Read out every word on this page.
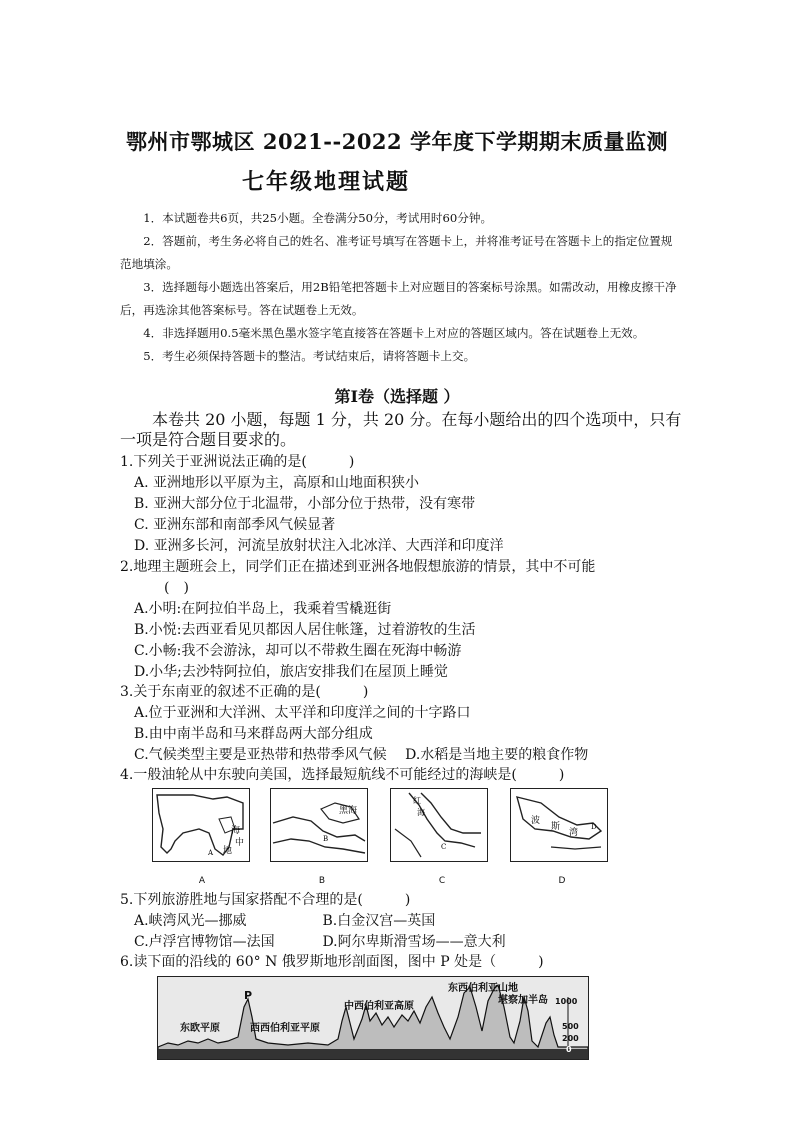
鄂州市鄂城区 2021--2022 学年度下学期期末质量监测
七年级地理试题

1．本试题卷共6页，共25小题。全卷满分50分，考试用时60分钟。

2．答题前，考生务必将自己的姓名、准考证号填写在答题卡上，并将准考证号在答题卡上的指定位置规范地填涂。

3．选择题每小题选出答案后，用2B铅笔把答题卡上对应题目的答案标号涂黑。如需改动，用橡皮擦干净后，再选涂其他答案标号。答在试题卷上无效。

4．非选择题用0.5毫米黑色墨水签字笔直接答在答题卡上对应的答题区域内。答在试题卷上无效。

5．考生必须保持答题卡的整洁。考试结束后，请将答题卡上交。

第Ⅰ卷（选择题 ）
本卷共 20 小题，每题 1 分，共 20 分。在每小题给出的四个选项中，只有一项是符合题目要求的。

1.下列关于亚洲说法正确的是(　　　)

A. 亚洲地形以平原为主，高原和山地面积狭小

B. 亚洲大部分位于北温带，小部分位于热带，没有寒带

C. 亚洲东部和南部季风气候显著

D. 亚洲多长河，河流呈放射状注入北冰洋、大西洋和印度洋

2.地理主题班会上，同学们正在描述到亚洲各地假想旅游的情景，其中不可能

(　)

A.小明:在阿拉伯半岛上，我乘着雪橇逛街

B.小悦:去西亚看见贝都因人居住帐篷，过着游牧的生活

C.小畅:我不会游泳，却可以不带救生圈在死海中畅游

D.小华;去沙特阿拉伯，旅店安排我们在屋顶上睡觉

3.关于东南亚的叙述不正确的是(　　　)

A.位于亚洲和大洋洲、太平洋和印度洋之间的十字路口

B.由中南半岛和马来群岛两大部分组成

C.气候类型主要是亚热带和热带季风气候 D.水稻是当地主要的粮食作物

4.一般油轮从中东驶向美国，选择最短航线不可能经过的海峡是(　　　)

海
地
中
A
黑海
B
红
海
C
波
斯
湾
D
A	B	C	D

5.下列旅游胜地与国家搭配不合理的是(　　　)

A.峡湾风光—挪威	B.白金汉宫—英国

C.卢浮宫博物馆—法国	D.阿尔卑斯滑雪场——意大利

6.读下面的沿线的 60° N 俄罗斯地形剖面图，图中 P 处是（　　　)

东欧平原	西西伯利亚平原
中西伯利亚高原
东西伯利亚山地
堪察加半岛
P	1000
500
200
0
